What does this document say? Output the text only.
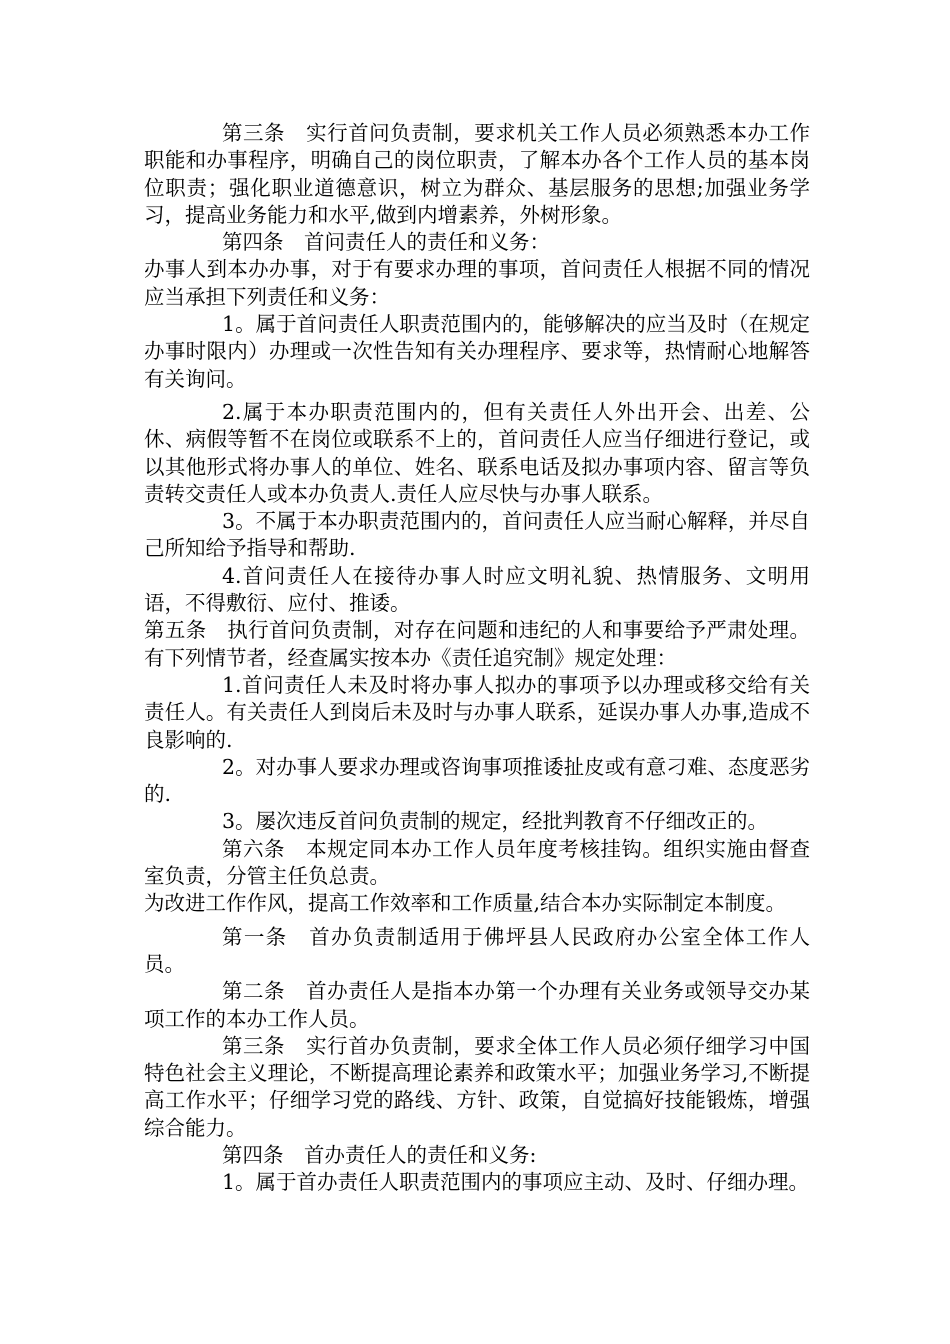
第三条　实行首问负责制，要求机关工作人员必须熟悉本办工作职能和办事程序，明确自己的岗位职责，了解本办各个工作人员的基本岗位职责；强化职业道德意识，树立为群众、基层服务的思想;加强业务学习，提高业务能力和水平,做到内增素养，外树形象。

第四条　首问责任人的责任和义务：

办事人到本办办事，对于有要求办理的事项，首问责任人根据不同的情况应当承担下列责任和义务：

1。属于首问责任人职责范围内的，能够解决的应当及时（在规定办事时限内）办理或一次性告知有关办理程序、要求等，热情耐心地解答有关询问。

2.属于本办职责范围内的，但有关责任人外出开会、出差、公休、病假等暂不在岗位或联系不上的，首问责任人应当仔细进行登记，或以其他形式将办事人的单位、姓名、联系电话及拟办事项内容、留言等负责转交责任人或本办负责人.责任人应尽快与办事人联系。

3。不属于本办职责范围内的，首问责任人应当耐心解释，并尽自己所知给予指导和帮助.

4.首问责任人在接待办事人时应文明礼貌、热情服务、文明用语，不得敷衍、应付、推诿。

第五条　执行首问负责制，对存在问题和违纪的人和事要给予严肃处理。有下列情节者，经查属实按本办《责任追究制》规定处理：

1.首问责任人未及时将办事人拟办的事项予以办理或移交给有关责任人。有关责任人到岗后未及时与办事人联系，延误办事人办事,造成不良影响的.

2。对办事人要求办理或咨询事项推诿扯皮或有意刁难、态度恶劣的.

3。屡次违反首问负责制的规定，经批判教育不仔细改正的。

第六条　本规定同本办工作人员年度考核挂钩。组织实施由督查室负责，分管主任负总责。

为改进工作作风，提高工作效率和工作质量,结合本办实际制定本制度。

第一条　首办负责制适用于佛坪县人民政府办公室全体工作人员。

第二条　首办责任人是指本办第一个办理有关业务或领导交办某项工作的本办工作人员。

第三条　实行首办负责制，要求全体工作人员必须仔细学习中国特色社会主义理论，不断提高理论素养和政策水平；加强业务学习,不断提高工作水平；仔细学习党的路线、方针、政策，自觉搞好技能锻炼，增强综合能力。

第四条　首办责任人的责任和义务:

1。属于首办责任人职责范围内的事项应主动、及时、仔细办理。
